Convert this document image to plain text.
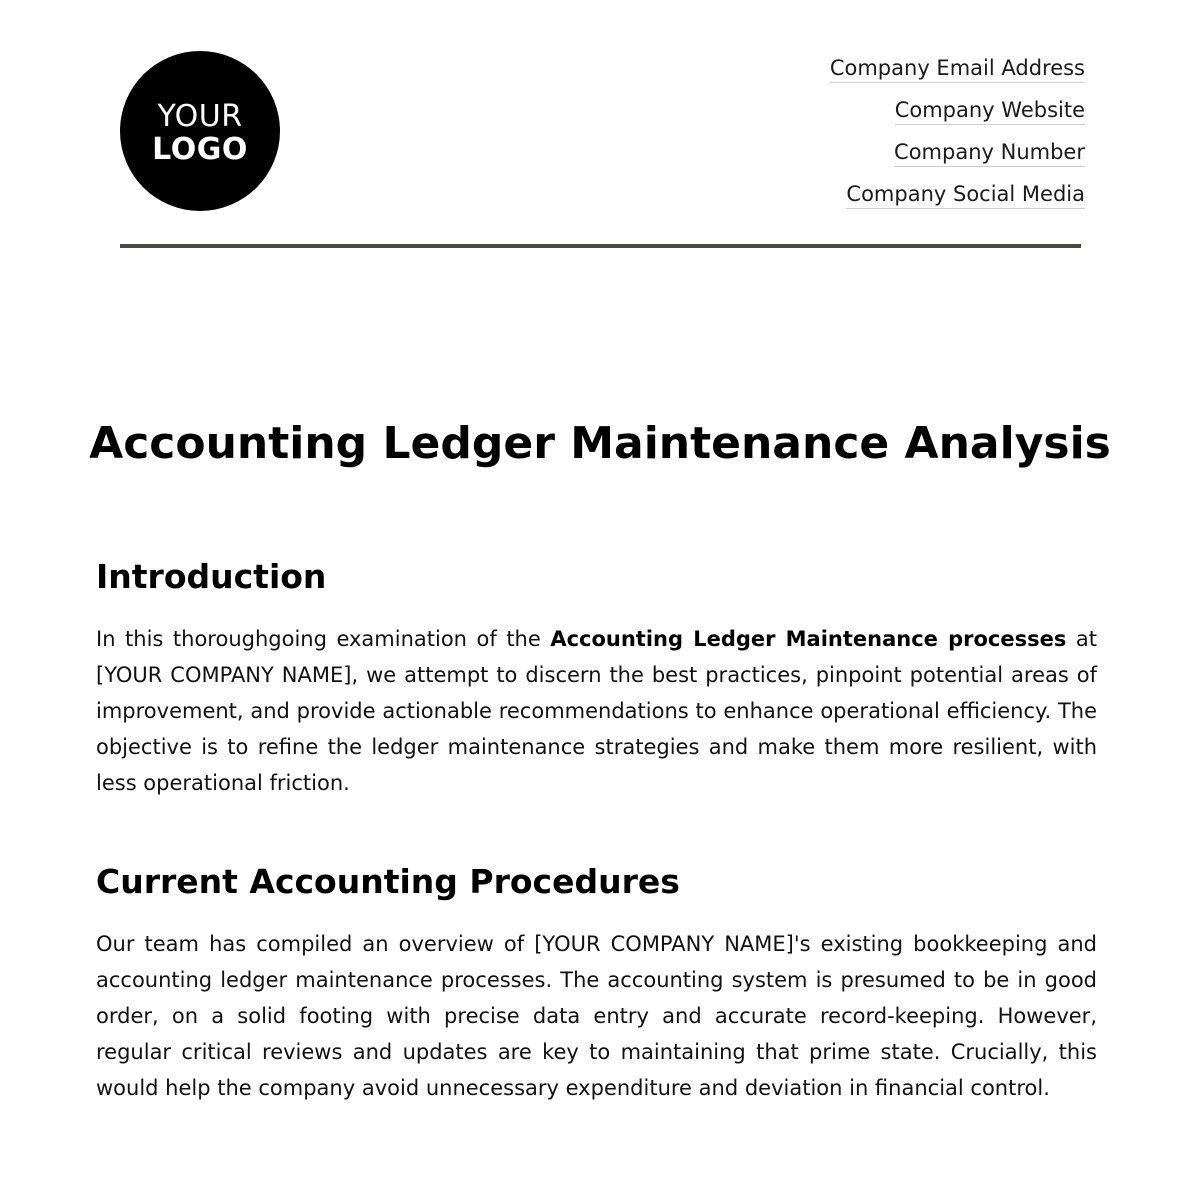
YOUR
LOGO
Company Email Address
Company Website
Company Number
Company Social Media
Accounting Ledger Maintenance Analysis
Introduction

In this thoroughgoing examination of the Accounting Ledger Maintenance processes at [YOUR COMPANY NAME], we attempt to discern the best practices, pinpoint potential areas of improvement, and provide actionable recommendations to enhance operational efficiency. The objective is to refine the ledger maintenance strategies and make them more resilient, with less operational friction.

Current Accounting Procedures

Our team has compiled an overview of [YOUR COMPANY NAME]'s existing bookkeeping and accounting ledger maintenance processes. The accounting system is presumed to be in good order, on a solid footing with precise data entry and accurate record-keeping. However, regular critical reviews and updates are key to maintaining that prime state. Crucially, this would help the company avoid unnecessary expenditure and deviation in financial control.
